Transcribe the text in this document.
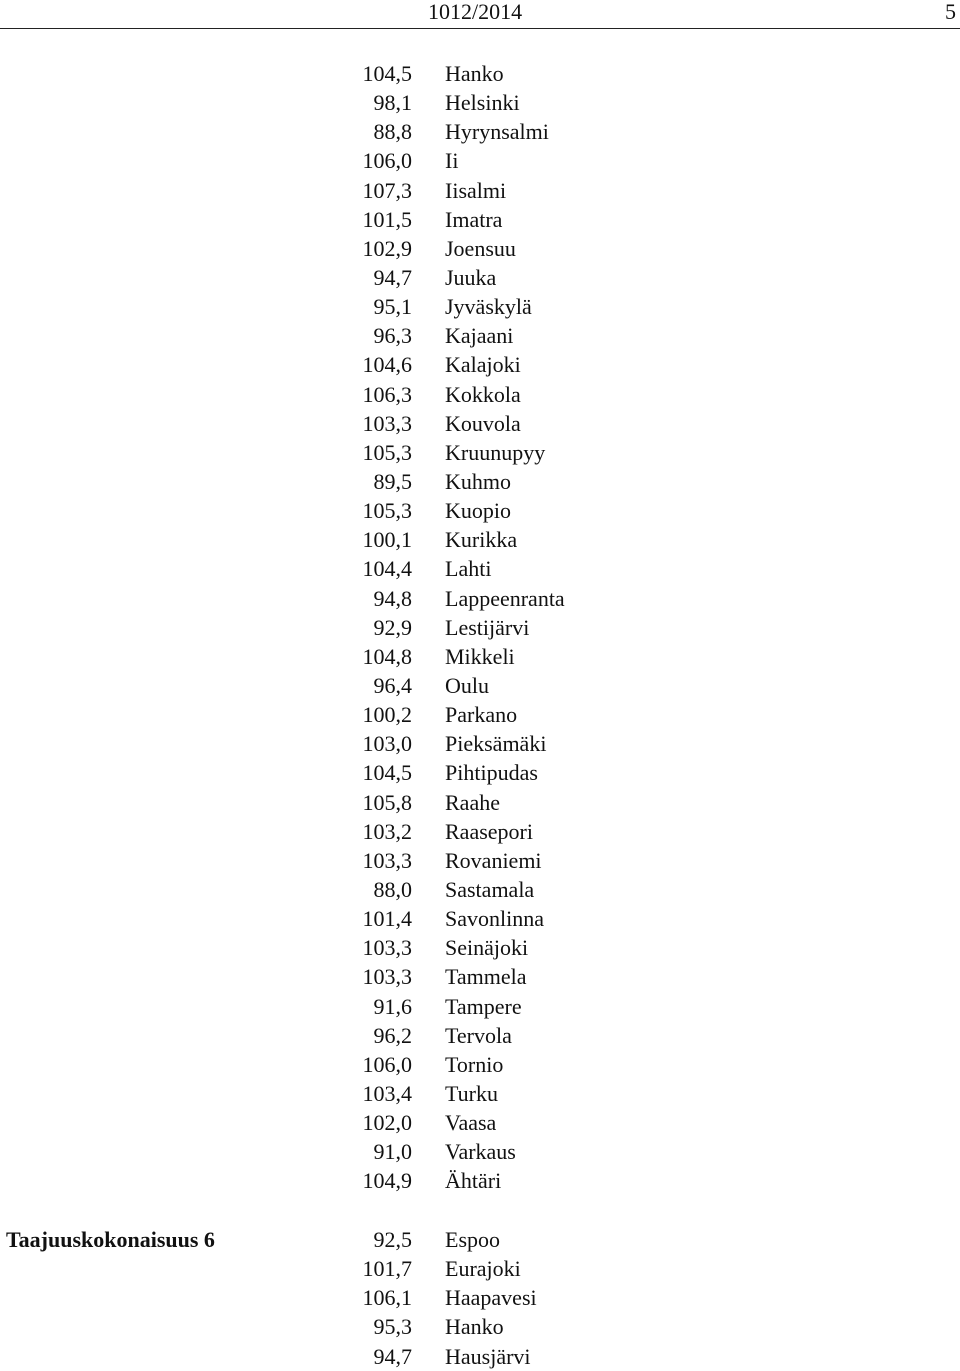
1012/2014	5
104,5 Hanko
98,1 Helsinki
88,8 Hyrynsalmi
106,0 Ii
107,3 Iisalmi
101,5 Imatra
102,9 Joensuu
94,7 Juuka
95,1 Jyväskylä
96,3 Kajaani
104,6 Kalajoki
106,3 Kokkola
103,3 Kouvola
105,3 Kruunupyy
89,5 Kuhmo
105,3 Kuopio
100,1 Kurikka
104,4 Lahti
94,8 Lappeenranta
92,9 Lestijärvi
104,8 Mikkeli
96,4 Oulu
100,2 Parkano
103,0 Pieksämäki
104,5 Pihtipudas
105,8 Raahe
103,2 Raasepori
103,3 Rovaniemi
88,0 Sastamala
101,4 Savonlinna
103,3 Seinäjoki
103,3 Tammela
91,6 Tampere
96,2 Tervola
106,0 Tornio
103,4 Turku
102,0 Vaasa
91,0 Varkaus
104,9 Ähtäri
Taajuuskokonaisuus 6	92,5 Espoo
101,7 Eurajoki
106,1 Haapavesi
95,3 Hanko
94,7 Hausjärvi
